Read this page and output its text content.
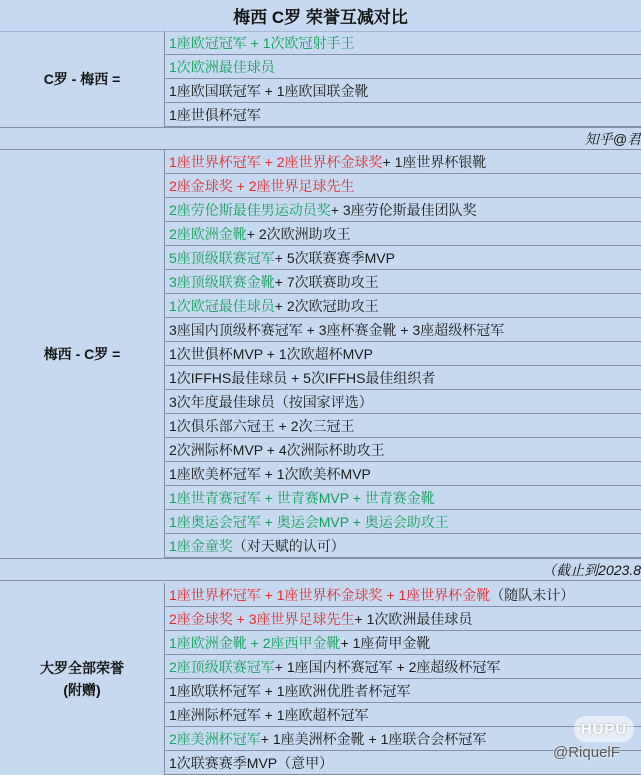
梅西 C罗 荣誉互减对比
C罗 - 梅西 =
1座欧冠冠军 + 1次欧冠射手王
1次欧洲最佳球员
1座欧国联冠军 + 1座欧国联金靴
1座世俱杯冠军
知乎@君
梅西 - C罗 =
1座世界杯冠军 + 2座世界杯金球奖 + 1座世界杯银靴
2座金球奖 + 2座世界足球先生
2座劳伦斯最佳男运动员奖 + 3座劳伦斯最佳团队奖
2座欧洲金靴 + 2次欧洲助攻王
5座顶级联赛冠军 + 5次联赛赛季MVP
3座顶级联赛金靴 + 7次联赛助攻王
1次欧冠最佳球员 + 2次欧冠助攻王
3座国内顶级杯赛冠军 + 3座杯赛金靴 + 3座超级杯冠军
1次世俱杯MVP + 1次欧超杯MVP
1次IFFHS最佳球员 + 5次IFFHS最佳组织者
3次年度最佳球员（按国家评选）
1次俱乐部六冠王 + 2次三冠王
2次洲际杯MVP + 4次洲际杯助攻王
1座欧美杯冠军 + 1次欧美杯MVP
1座世青赛冠军 + 世青赛MVP + 世青赛金靴
1座奥运会冠军 + 奥运会MVP + 奥运会助攻王
1座金童奖 （对天赋的认可）
（截止到2023.8
大罗全部荣誉
(附赠)
1座世界杯冠军 + 1座世界杯金球奖 + 1座世界杯金靴 （随队未计）
2座金球奖 + 3座世界足球先生 + 1次欧洲最佳球员
1座欧洲金靴 + 2座西甲金靴 + 1座荷甲金靴
2座顶级联赛冠军 + 1座国内杯赛冠军 + 2座超级杯冠军
1座欧联杯冠军 + 1座欧洲优胜者杯冠军
1座洲际杯冠军 + 1座欧超杯冠军
2座美洲杯冠军 + 1座美洲杯金靴 + 1座联合会杯冠军
1次联赛赛季MVP（意甲）
HUPU
@RiquelF
